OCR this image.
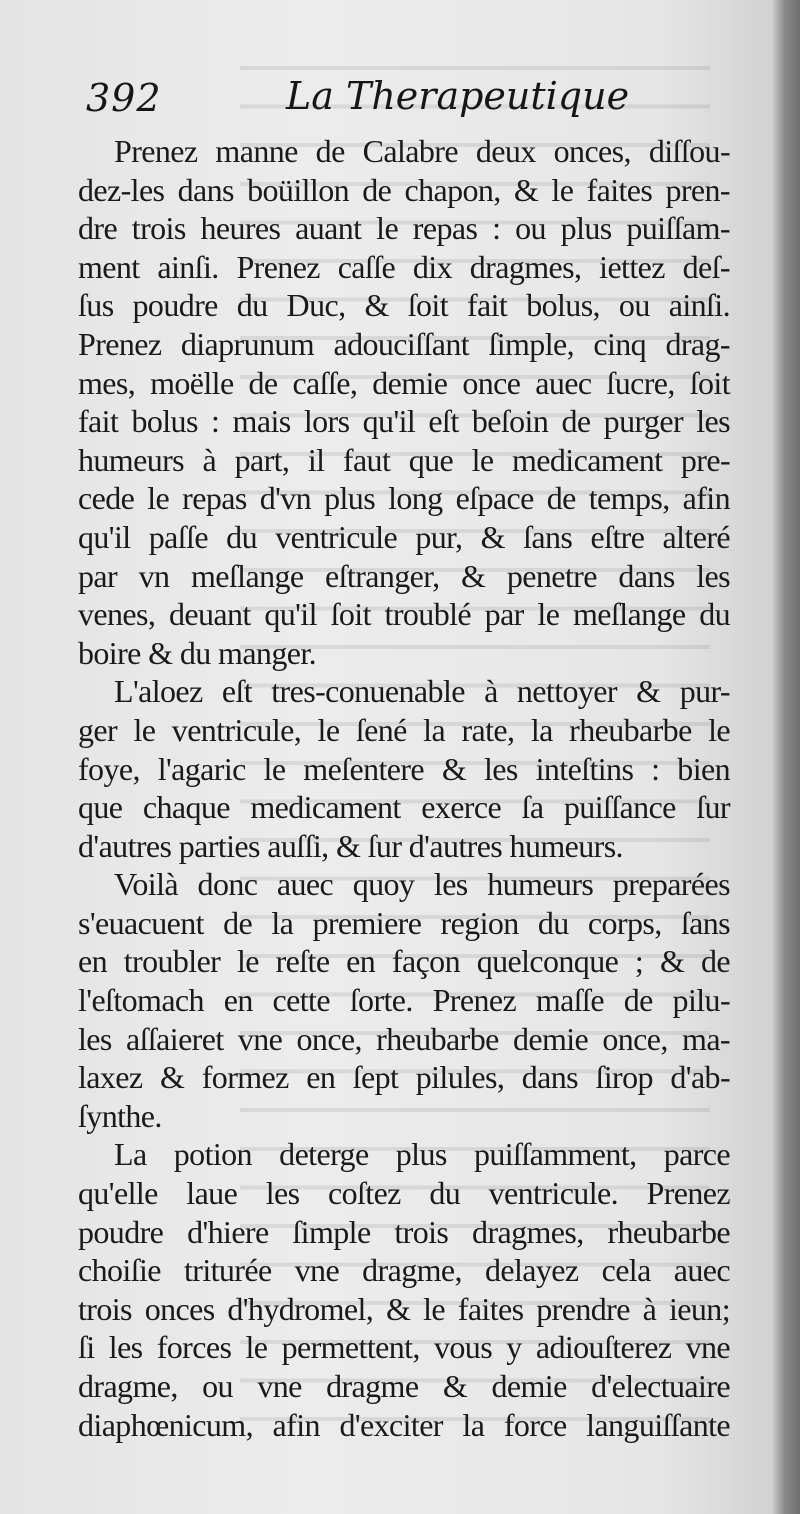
392	La Therapeutique
Prenez manne de Calabre deux onces, diſſou-
dez-les dans boüillon de chapon, & le faites pren-
dre trois heures auant le repas : ou plus puiſſam-
ment ainſi. Prenez caſſe dix dragmes, iettez deſ-
ſus poudre du Duc, & ſoit fait bolus, ou ainſi.
Prenez diaprunum adouciſſant ſimple, cinq drag-
mes, moëlle de caſſe, demie once auec ſucre, ſoit
fait bolus : mais lors qu'il eſt beſoin de purger les
humeurs à part, il faut que le medicament pre-
cede le repas d'vn plus long eſpace de temps, afin
qu'il paſſe du ventricule pur, & ſans eſtre alteré
par vn meſlange eſtranger, & penetre dans les
venes, deuant qu'il ſoit troublé par le meſlange du
boire & du manger.
L'aloez eſt tres-conuenable à nettoyer & pur-
ger le ventricule, le ſené la rate, la rheubarbe le
foye, l'agaric le meſentere & les inteſtins : bien
que chaque medicament exerce ſa puiſſance ſur
d'autres parties auſſi, & ſur d'autres humeurs.
Voilà donc auec quoy les humeurs preparées
s'euacuent de la premiere region du corps, ſans
en troubler le reſte en façon quelconque ; & de
l'eſtomach en cette ſorte. Prenez maſſe de pilu-
les aſſaieret vne once, rheubarbe demie once, ma-
laxez & formez en ſept pilules, dans ſirop d'ab-
ſynthe.
La potion deterge plus puiſſamment, parce
qu'elle laue les coſtez du ventricule. Prenez
poudre d'hiere ſimple trois dragmes, rheubarbe
choiſie triturée vne dragme, delayez cela auec
trois onces d'hydromel, & le faites prendre à ieun;
ſi les forces le permettent, vous y adiouſterez vne
dragme, ou vne dragme & demie d'electuaire
diaphœnicum, afin d'exciter la force languiſſante
